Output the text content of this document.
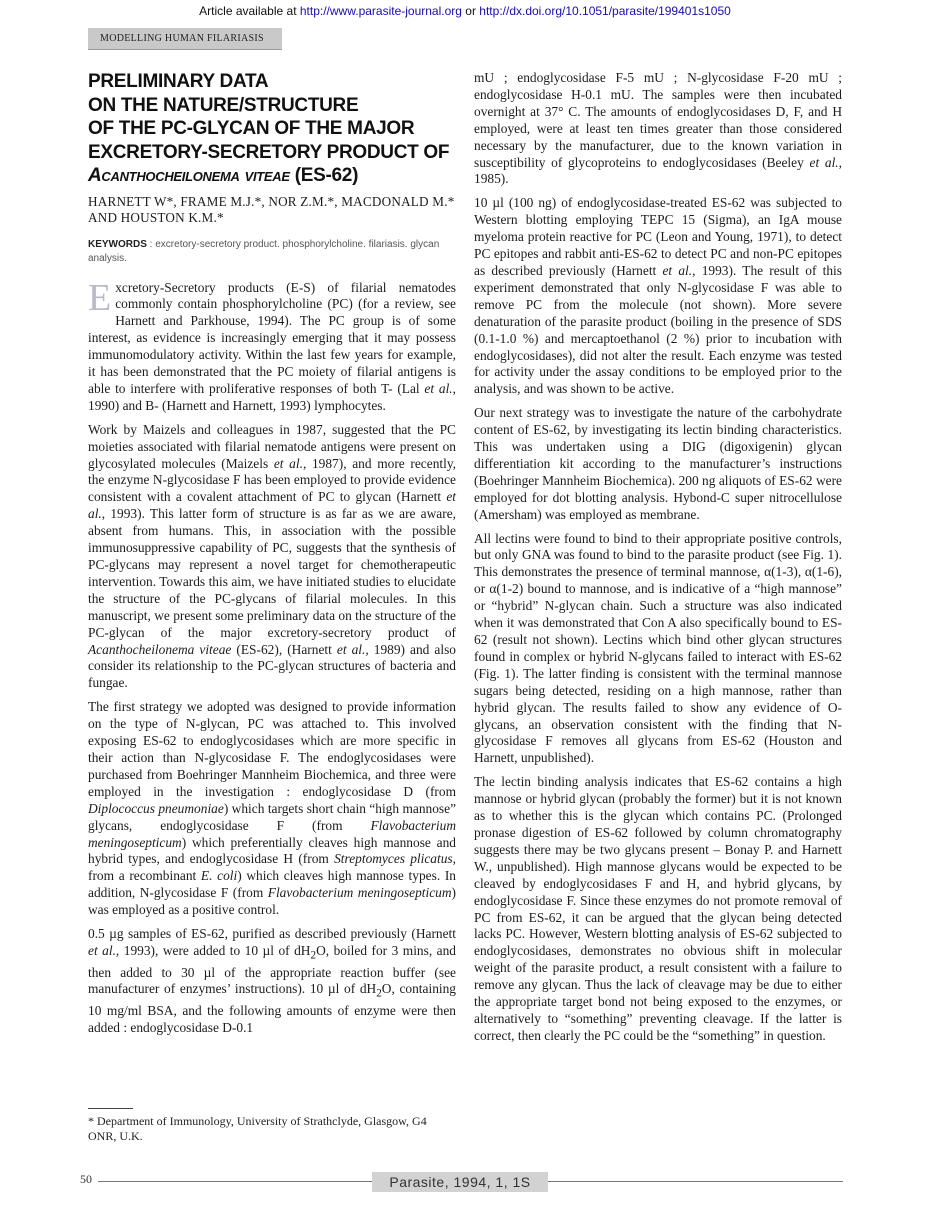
Article available at http://www.parasite-journal.org or http://dx.doi.org/10.1051/parasite/199401s1050
MODELLING HUMAN FILARIASIS
PRELIMINARY DATA
ON THE NATURE/STRUCTURE
OF THE PC-GLYCAN OF THE MAJOR
EXCRETORY-SECRETORY PRODUCT OF
Acanthocheilonema viteae (ES-62)
HARNETT W*, FRAME M.J.*, NOR Z.M.*, MACDONALD M.* AND HOUSTON K.M.*
KEYWORDS : excretory-secretory product. phosphorylcholine. filariasis. glycan analysis.

Excretory-Secretory products (E-S) of filarial nematodes commonly contain phosphorylcholine (PC) (for a review, see Harnett and Parkhouse, 1994). The PC group is of some interest, as evidence is increasingly emerging that it may possess immunomodulatory activity. Within the last few years for example, it has been demonstrated that the PC moiety of filarial antigens is able to interfere with proliferative responses of both T- (Lal et al., 1990) and B- (Harnett and Harnett, 1993) lymphocytes.

Work by Maizels and colleagues in 1987, suggested that the PC moieties associated with filarial nematode antigens were present on glycosylated molecules (Maizels et al., 1987), and more recently, the enzyme N-glycosidase F has been employed to provide evidence consistent with a covalent attachment of PC to glycan (Harnett et al., 1993). This latter form of structure is as far as we are aware, absent from humans. This, in association with the possible immunosuppressive capability of PC, suggests that the synthesis of PC-glycans may represent a novel target for chemotherapeutic intervention. Towards this aim, we have initiated studies to elucidate the structure of the PC-glycans of filarial molecules. In this manuscript, we present some preliminary data on the structure of the PC-glycan of the major excretory-secretory product of Acanthocheilonema viteae (ES-62), (Harnett et al., 1989) and also consider its relationship to the PC-glycan structures of bacteria and fungae.

The first strategy we adopted was designed to provide information on the type of N-glycan, PC was attached to. This involved exposing ES-62 to endoglycosidases which are more specific in their action than N-glycosidase F. The endoglycosidases were purchased from Boehringer Mannheim Biochemica, and three were employed in the investigation : endoglycosidase D (from Diplococcus pneumoniae) which targets short chain “high mannose” glycans, endoglycosidase F (from Flavobacterium meningosepticum) which preferentially cleaves high mannose and hybrid types, and endoglycosidase H (from Streptomyces plicatus, from a recombinant E. coli) which cleaves high mannose types. In addition, N-glycosidase F (from Flavobacterium meningosepticum) was employed as a positive control.

0.5 µg samples of ES-62, purified as described previously (Harnett et al., 1993), were added to 10 µl of $dH_2O$, boiled for 3 mins, and then added to 30 µl of the appropriate reaction buffer (see manufacturer of enzymes’ instructions). 10 µl of $dH_2O$, containing 10 mg/ml BSA, and the following amounts of enzyme were then added : endoglycosidase D-0.1

mU ; endoglycosidase F-5 mU ; N-glycosidase F-20 mU ; endoglycosidase H-0.1 mU. The samples were then incubated overnight at 37° C. The amounts of endoglycosidases D, F, and H employed, were at least ten times greater than those considered necessary by the manufacturer, due to the known variation in susceptibility of glycoproteins to endoglycosidases (Beeley et al., 1985).

10 µl (100 ng) of endoglycosidase-treated ES-62 was subjected to Western blotting employing TEPC 15 (Sigma), an IgA mouse myeloma protein reactive for PC (Leon and Young, 1971), to detect PC epitopes and rabbit anti-ES-62 to detect PC and non-PC epitopes as described previously (Harnett et al., 1993). The result of this experiment demonstrated that only N-glycosidase F was able to remove PC from the molecule (not shown). More severe denaturation of the parasite product (boiling in the presence of SDS (0.1-1.0 %) and mercaptoethanol (2 %) prior to incubation with endoglycosidases), did not alter the result. Each enzyme was tested for activity under the assay conditions to be employed prior to the analysis, and was shown to be active.

Our next strategy was to investigate the nature of the carbohydrate content of ES-62, by investigating its lectin binding characteristics. This was undertaken using a DIG (digoxigenin) glycan differentiation kit according to the manufacturer’s instructions (Boehringer Mannheim Biochemica). 200 ng aliquots of ES-62 were employed for dot blotting analysis. Hybond-C super nitrocellulose (Amersham) was employed as membrane.

All lectins were found to bind to their appropriate positive controls, but only GNA was found to bind to the parasite product (see Fig. 1). This demonstrates the presence of terminal mannose, α(1-3), α(1-6), or α(1-2) bound to mannose, and is indicative of a “high mannose” or “hybrid” N-glycan chain. Such a structure was also indicated when it was demonstrated that Con A also specifically bound to ES-62 (result not shown). Lectins which bind other glycan structures found in complex or hybrid N-glycans failed to interact with ES-62 (Fig. 1). The latter finding is consistent with the terminal mannose sugars being detected, residing on a high mannose, rather than hybrid glycan. The results failed to show any evidence of O-glycans, an observation consistent with the finding that N-glycosidase F removes all glycans from ES-62 (Houston and Harnett, unpublished).

The lectin binding analysis indicates that ES-62 contains a high mannose or hybrid glycan (probably the former) but it is not known as to whether this is the glycan which contains PC. (Prolonged pronase digestion of ES-62 followed by column chromatography suggests there may be two glycans present – Bonay P. and Harnett W., unpublished). High mannose glycans would be expected to be cleaved by endoglycosidases F and H, and hybrid glycans, by endoglycosidase F. Since these enzymes do not promote removal of PC from ES-62, it can be argued that the glycan being detected lacks PC. However, Western blotting analysis of ES-62 subjected to endoglycosidases, demonstrates no obvious shift in molecular weight of the parasite product, a result consistent with a failure to remove any glycan. Thus the lack of cleavage may be due to either the appropriate target bond not being exposed to the enzymes, or alternatively to “something” preventing cleavage. If the latter is correct, then clearly the PC could be the “something” in question.

* Department of Immunology, University of Strathclyde, Glasgow, G4 ONR, U.K.
50	Parasite, 1994, 1, 1S
